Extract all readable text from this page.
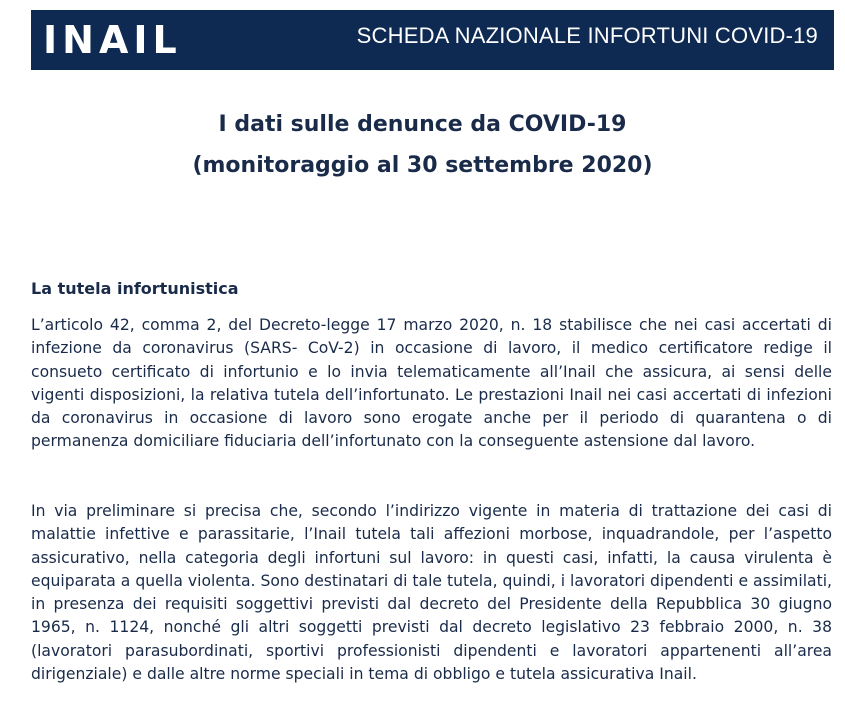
INAIL	SCHEDA NAZIONALE INFORTUNI COVID-19
I dati sulle denunce da COVID-19
(monitoraggio al 30 settembre 2020)
La tutela infortunistica

L’articolo 42, comma 2, del Decreto-legge 17 marzo 2020, n. 18 stabilisce che nei casi accertati di infezione da coronavirus (SARS- CoV-2) in occasione di lavoro, il medico certificatore redige il consueto certificato di infortunio e lo invia telematicamente all’Inail che assicura, ai sensi delle vigenti disposizioni, la relativa tutela dell’infortunato. Le prestazioni Inail nei casi accertati di infezioni da coronavirus in occasione di lavoro sono erogate anche per il periodo di quarantena o di permanenza domiciliare fiduciaria dell’infortunato con la conseguente astensione dal lavoro.

In via preliminare si precisa che, secondo l’indirizzo vigente in materia di trattazione dei casi di malattie infettive e parassitarie, l’Inail tutela tali affezioni morbose, inquadrandole, per l’aspetto assicurativo, nella categoria degli infortuni sul lavoro: in questi casi, infatti, la causa virulenta è equiparata a quella violenta. Sono destinatari di tale tutela, quindi, i lavoratori dipendenti e assimilati, in presenza dei requisiti soggettivi previsti dal decreto del Presidente della Repubblica 30 giugno 1965, n. 1124, nonché gli altri soggetti previsti dal decreto legislativo 23 febbraio 2000, n. 38 (lavoratori parasubordinati, sportivi professionisti dipendenti e lavoratori appartenenti all’area dirigenziale) e dalle altre norme speciali in tema di obbligo e tutela assicurativa Inail.
